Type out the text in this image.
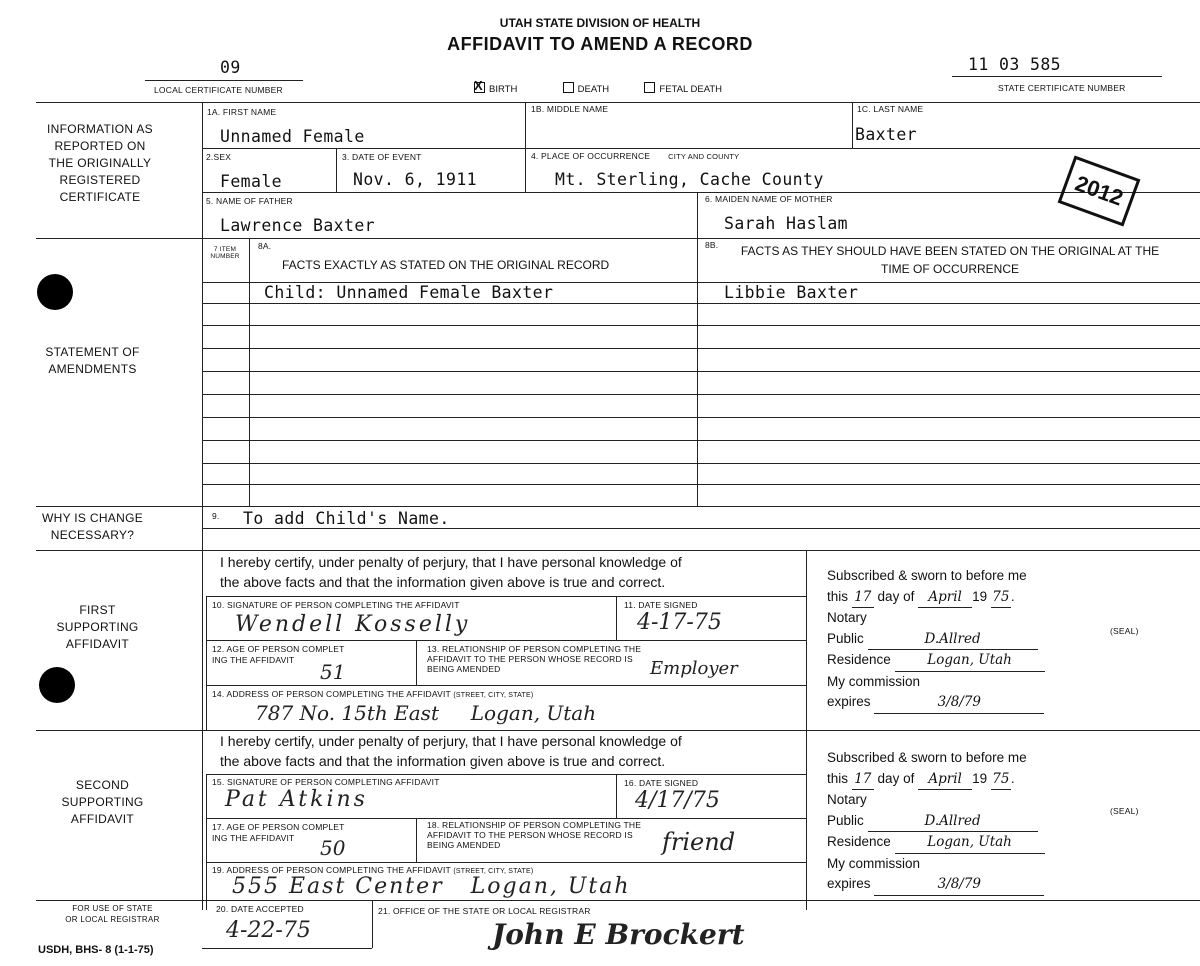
UTAH STATE DIVISION OF HEALTH
AFFIDAVIT TO AMEND A RECORD
09
LOCAL CERTIFICATE NUMBER
X	BIRTH	DEATH	FETAL DEATH
11 03 585
STATE CERTIFICATE NUMBER
INFORMATION AS REPORTED ON THE ORIGINALLY REGISTERED CERTIFICATE
STATEMENT OF AMENDMENTS
WHY IS CHANGE NECESSARY?
FIRST SUPPORTING AFFIDAVIT
SECOND SUPPORTING AFFIDAVIT
FOR USE OF STATE OR LOCAL REGISTRAR
1A. FIRST NAME
Unnamed Female
1B. MIDDLE NAME	1C. LAST NAME
Baxter
2.SEX
Female
3. DATE OF EVENT
Nov. 6, 1911
4. PLACE OF OCCURRENCE CITY AND COUNTY
Mt. Sterling, Cache County
5. NAME OF FATHER
Lawrence Baxter
6. MAIDEN NAME OF MOTHER
Sarah Haslam
2012
7 ITEM NUMBER
8A.
FACTS EXACTLY AS STATED ON THE ORIGINAL RECORD
8B.	FACTS AS THEY SHOULD HAVE BEEN STATED ON THE ORIGINAL AT THE TIME OF OCCURRENCE
Child: Unnamed Female Baxter	Libbie Baxter
9. To add Child's Name.
I hereby certify, under penalty of perjury, that I have personal knowledge of
the above facts and that the information given above is true and correct.
10. SIGNATURE OF PERSON COMPLETING THE AFFIDAVIT
Wendell Kosselly
11. DATE SIGNED
4-17-75
12. AGE OF PERSON COMPLET
ING THE AFFIDAVIT	51
13. RELATIONSHIP OF PERSON COMPLETING THE
AFFIDAVIT TO THE PERSON WHOSE RECORD IS
BEING AMENDED	Employer
14. ADDRESS OF PERSON COMPLETING THE AFFIDAVIT (STREET, CITY, STATE)
787 No. 15th East     Logan, Utah
Subscribed & sworn to before me
this 17 day of April 19 75.
Notary
Public	D.Allred
Residence	Logan, Utah
My commission
expires	3/8/79
(SEAL)
I hereby certify, under penalty of perjury, that I have personal knowledge of
the above facts and that the information given above is true and correct.
15. SIGNATURE OF PERSON COMPLETING AFFIDAVIT
Pat Atkins
16. DATE SIGNED
4/17/75
17. AGE OF PERSON COMPLET
ING THE AFFIDAVIT	50
18. RELATIONSHIP OF PERSON COMPLETING THE
AFFIDAVIT TO THE PERSON WHOSE RECORD IS
BEING AMENDED	friend
19. ADDRESS OF PERSON COMPLETING THE AFFIDAVIT (STREET, CITY, STATE)
555 East Center   Logan, Utah
Subscribed & sworn to before me
this 17 day of April 19 75.
Notary
Public	D.Allred
Residence	Logan, Utah
My commission
expires	3/8/79
(SEAL)
20. DATE ACCEPTED
4-22-75
21. OFFICE OF THE STATE OR LOCAL REGISTRAR
John E Brockert
USDH, BHS- 8 (1-1-75)
